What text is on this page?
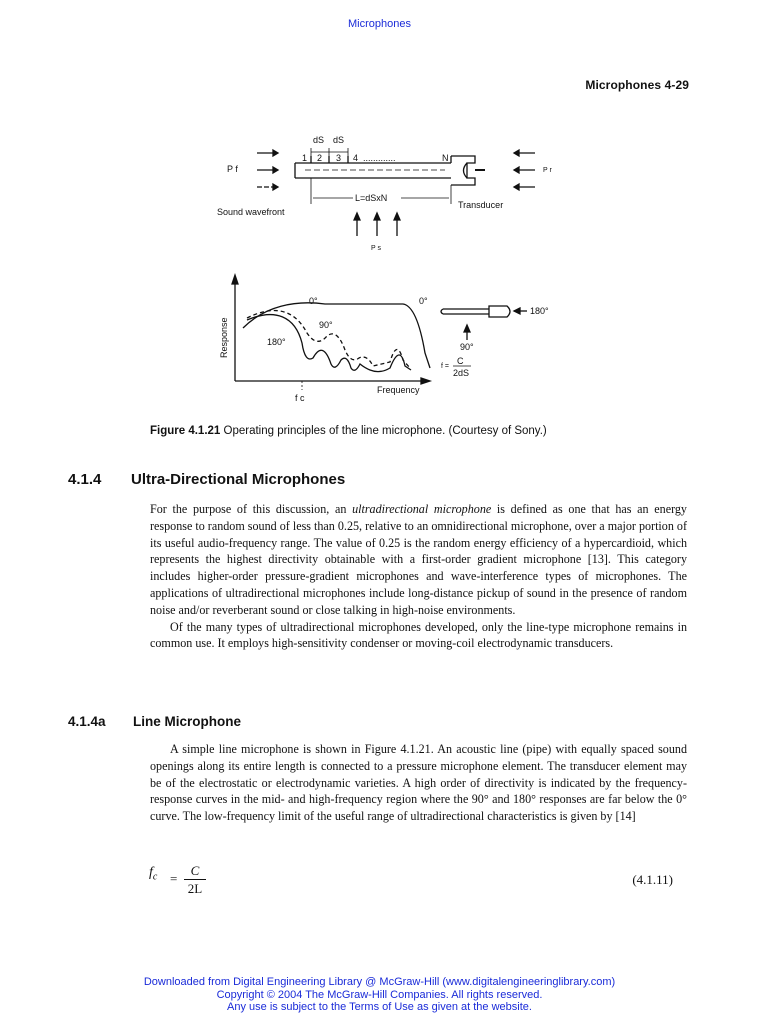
Microphones
Microphones 4-29
P f	P r
dS dS
1 2 3 4 .............	N
L=dSxN
Transducer
Sound wavefront
P s
Response
Frequency
f c
0°
90°
180°
0°
90°
180°
f =
C
2dS
Figure 4.1.21 Operating principles of the line microphone. (Courtesy of Sony.)
4.1.4 Ultra-Directional Microphones

For the purpose of this discussion, an ultradirectional microphone is defined as one that has an energy response to random sound of less than 0.25, relative to an omnidirectional microphone, over a major portion of its useful audio-frequency range. The value of 0.25 is the random energy efficiency of a hypercardioid, which represents the highest directivity obtainable with a first-order gradient microphone [13]. This category includes higher-order pressure-gradient microphones and wave-interference types of microphones. The applications of ultradirectional microphones include long-distance pickup of sound in the presence of random noise and/or reverberant sound or close talking in high-noise environments.

Of the many types of ultradirectional microphones developed, only the line-type microphone remains in common use. It employs high-sensitivity condenser or moving-coil electrodynamic transducers.

4.1.4a Line Microphone

A simple line microphone is shown in Figure 4.1.21. An acoustic line (pipe) with equally spaced sound openings along its entire length is connected to a pressure microphone element. The transducer element may be of the electrostatic or electrodynamic varieties. A high order of directivity is indicated by the frequency-response curves in the mid- and high-frequency region where the 90° and 180° responses are far below the 0° curve. The low-frequency limit of the useful range of ultradirectional characteristics is given by [14]

$f_c = \frac{C}{2L}$	(4.1.11)
Downloaded from Digital Engineering Library @ McGraw-Hill (www.digitalengineeringlibrary.com)
Copyright © 2004 The McGraw-Hill Companies. All rights reserved.
Any use is subject to the Terms of Use as given at the website.
